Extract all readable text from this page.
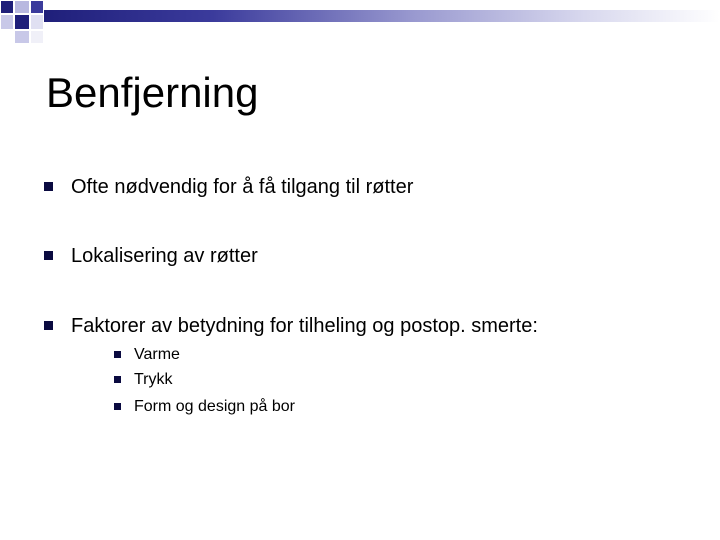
Benfjerning
Ofte nødvendig for å få tilgang til røtter
Lokalisering av røtter
Faktorer av betydning for tilheling og postop. smerte:
Varme
Trykk
Form og design på bor
